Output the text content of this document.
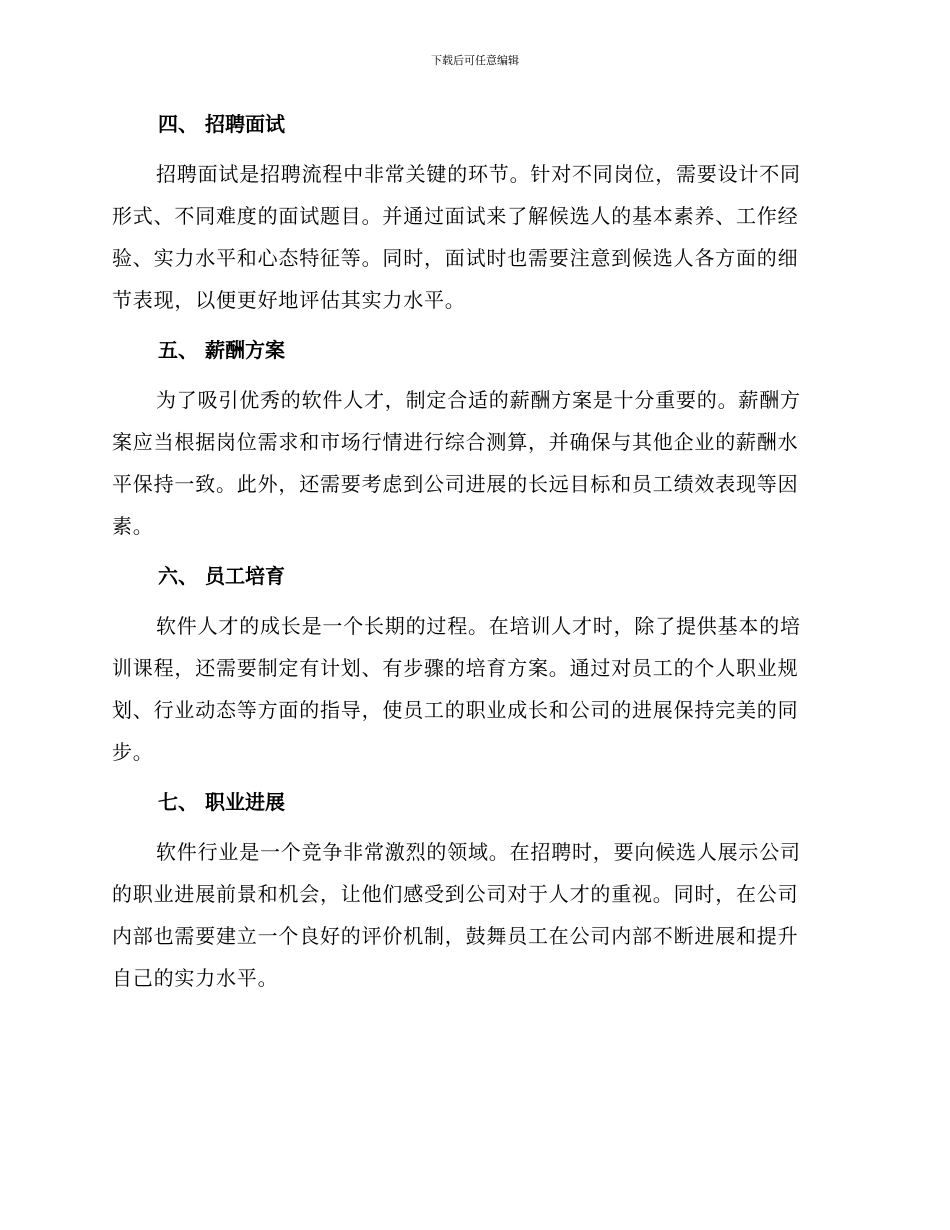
下载后可任意编辑
四、 招聘面试

招聘面试是招聘流程中非常关键的环节。针对不同岗位，需要设计不同
形式、不同难度的面试题目。并通过面试来了解候选人的基本素养、工作经
验、实力水平和心态特征等。同时，面试时也需要注意到候选人各方面的细
节表现，以便更好地评估其实力水平。

五、 薪酬方案

为了吸引优秀的软件人才，制定合适的薪酬方案是十分重要的。薪酬方
案应当根据岗位需求和市场行情进行综合测算，并确保与其他企业的薪酬水
平保持一致。此外，还需要考虑到公司进展的长远目标和员工绩效表现等因
素。

六、 员工培育

软件人才的成长是一个长期的过程。在培训人才时，除了提供基本的培
训课程，还需要制定有计划、有步骤的培育方案。通过对员工的个人职业规
划、行业动态等方面的指导，使员工的职业成长和公司的进展保持完美的同
步。

七、 职业进展

软件行业是一个竞争非常激烈的领域。在招聘时，要向候选人展示公司
的职业进展前景和机会，让他们感受到公司对于人才的重视。同时，在公司
内部也需要建立一个良好的评价机制，鼓舞员工在公司内部不断进展和提升
自己的实力水平。
